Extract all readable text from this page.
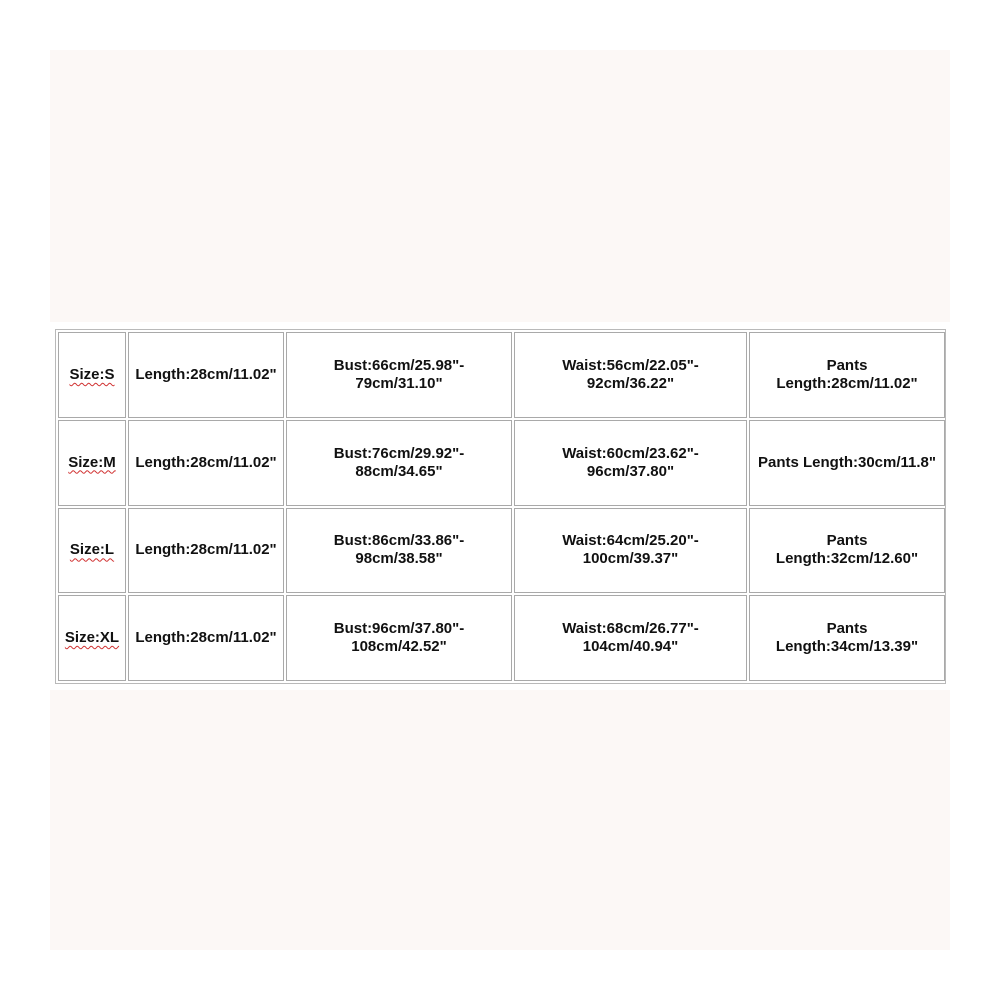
Size:S	Length:28cm/11.02"	Bust:66cm/25.98"-
79cm/31.10"	Waist:56cm/22.05"-
92cm/36.22"	Pants
Length:28cm/11.02"
Size:M	Length:28cm/11.02"	Bust:76cm/29.92"-
88cm/34.65"	Waist:60cm/23.62"-
96cm/37.80"	Pants Length:30cm/11.8"
Size:L	Length:28cm/11.02"	Bust:86cm/33.86"-
98cm/38.58"	Waist:64cm/25.20"-
100cm/39.37"	Pants
Length:32cm/12.60"
Size:XL	Length:28cm/11.02"	Bust:96cm/37.80"-
108cm/42.52"	Waist:68cm/26.77"-
104cm/40.94"	Pants
Length:34cm/13.39"
